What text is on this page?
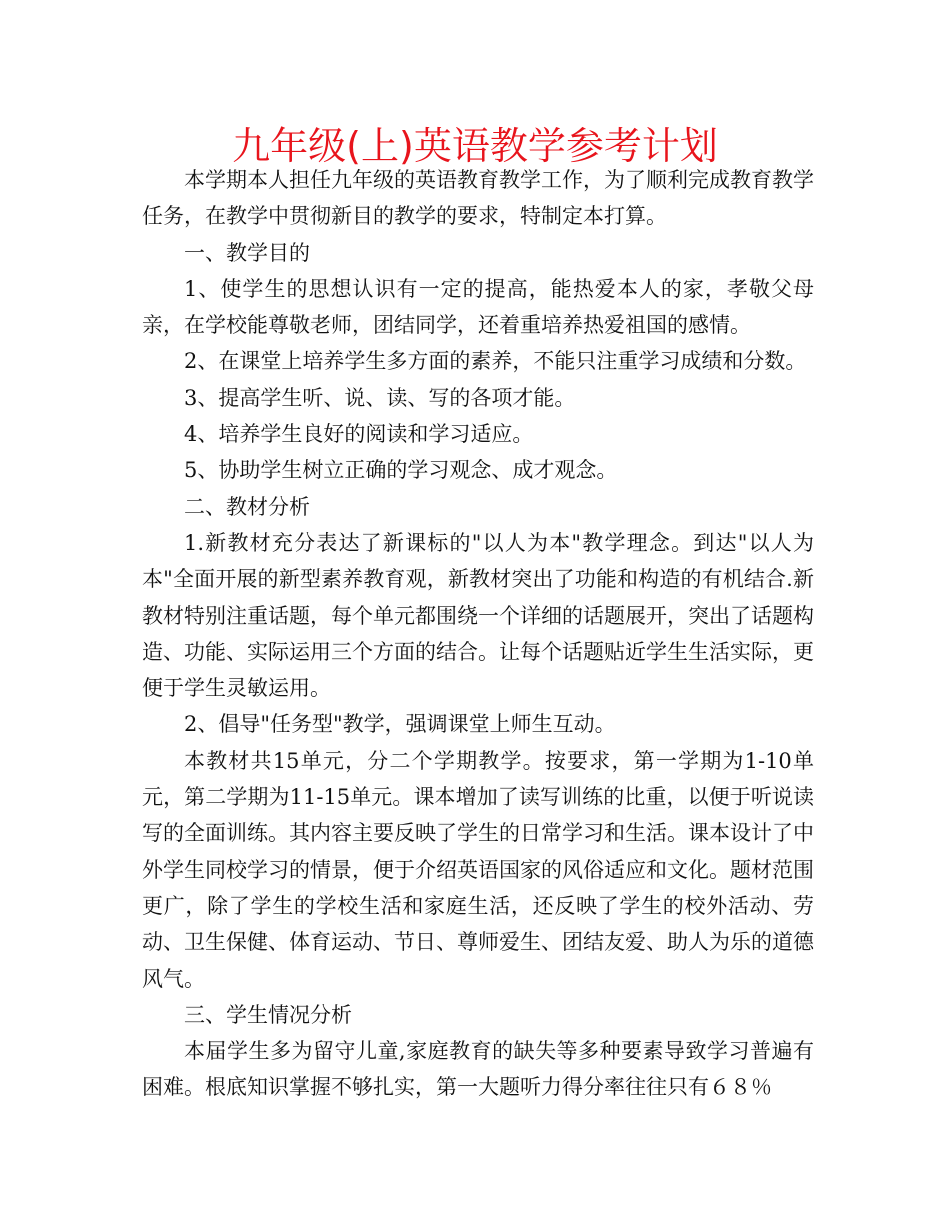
九年级(上)英语教学参考计划

本学期本人担任九年级的英语教育教学工作，为了顺利完成教育教学任务，在教学中贯彻新目的教学的要求，特制定本打算。

一、教学目的

1、使学生的思想认识有一定的提高，能热爱本人的家，孝敬父母亲，在学校能尊敬老师，团结同学，还着重培养热爱祖国的感情。

2、在课堂上培养学生多方面的素养，不能只注重学习成绩和分数。

3、提高学生听、说、读、写的各项才能。

4、培养学生良好的阅读和学习适应。

5、协助学生树立正确的学习观念、成才观念。

二、教材分析

1.新教材充分表达了新课标的"以人为本"教学理念。到达"以人为本"全面开展的新型素养教育观，新教材突出了功能和构造的有机结合.新教材特别注重话题，每个单元都围绕一个详细的话题展开，突出了话题构造、功能、实际运用三个方面的结合。让每个话题贴近学生生活实际，更便于学生灵敏运用。

2、倡导"任务型"教学，强调课堂上师生互动。

本教材共15单元，分二个学期教学。按要求，第一学期为1-10单元，第二学期为11-15单元。课本增加了读写训练的比重，以便于听说读写的全面训练。其内容主要反映了学生的日常学习和生活。课本设计了中外学生同校学习的情景，便于介绍英语国家的风俗适应和文化。题材范围更广，除了学生的学校生活和家庭生活，还反映了学生的校外活动、劳动、卫生保健、体育运动、节日、尊师爱生、团结友爱、助人为乐的道德风气。

三、学生情况分析

本届学生多为留守儿童,家庭教育的缺失等多种要素导致学习普遍有困难。根底知识掌握不够扎实，第一大题听力得分率往往只有６８％
